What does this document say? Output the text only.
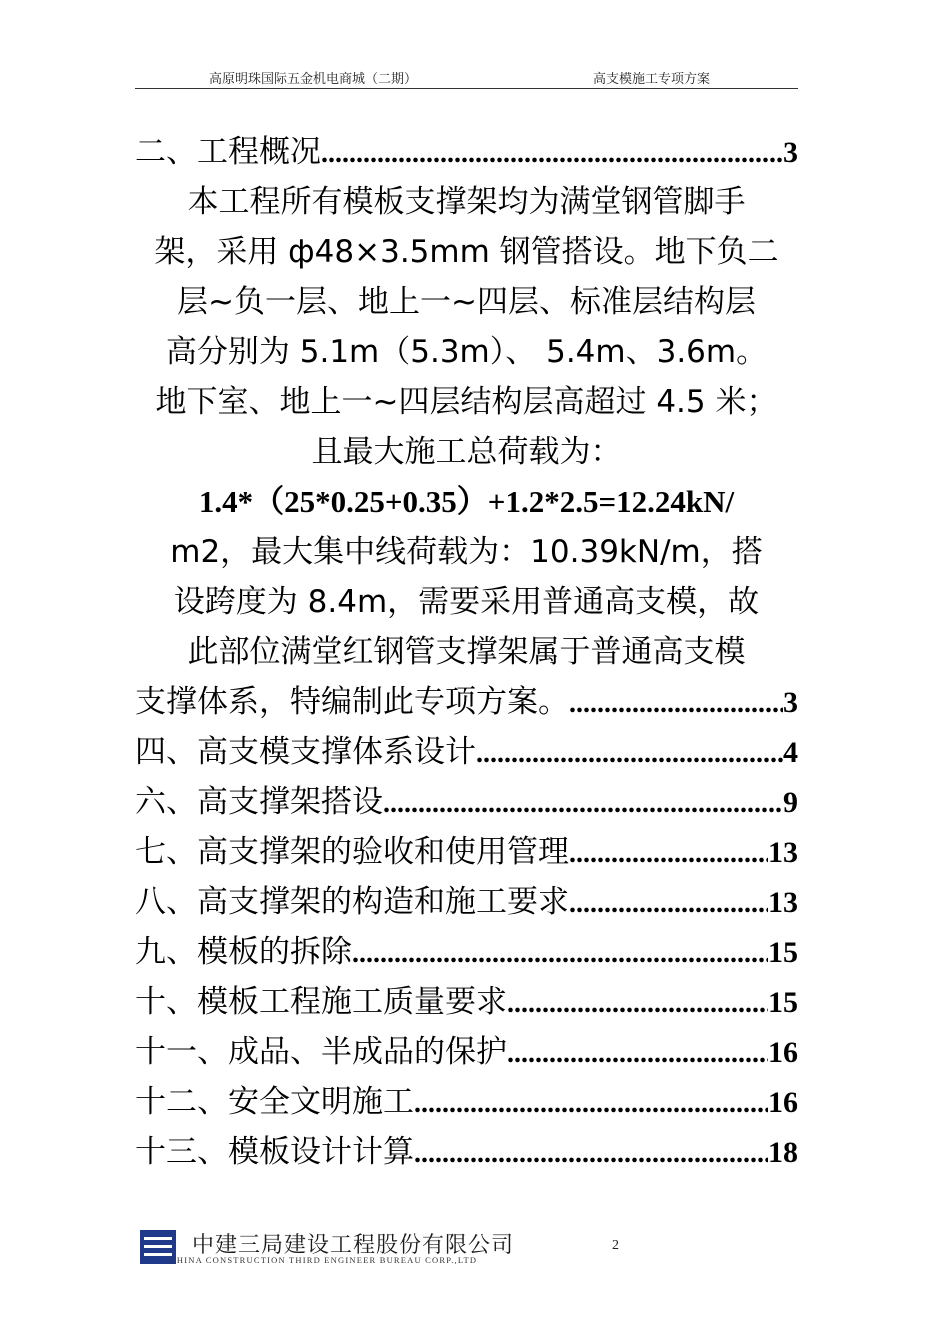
高原明珠国际五金机电商城（二期）	高支模施工专项方案
二、工程概况 .....	3
本工程所有模板支撑架均为满堂钢管脚手
架，采用 ф48×3.5mm 钢管搭设。地下负二
层~负一层、地上一~四层、标准层结构层
高分别为 5.1m（5.3m）、 5.4m、3.6m。
地下室、地上一~四层结构层高超过 4.5 米；
且最大施工总荷载为：
1.4*（25*0.25+0.35）+1.2*2.5=12.24kN/
m2，最大集中线荷载为：10.39kN/m，搭
设跨度为 8.4m，需要采用普通高支模，故
此部位满堂红钢管支撑架属于普通高支模
支撑体系，特编制此专项方案。 .....	3
四、高支模支撑体系设计 .....	4
六、高支撑架搭设 .....	9
七、高支撑架的验收和使用管理 .....	13
八、高支撑架的构造和施工要求 .....	13
九、模板的拆除 .....	15
十、模板工程施工质量要求 .....	15
十一、成品、半成品的保护 .....	16
十二、安全文明施工 .....	16
十三、模板设计计算 .....	18
中建三局建设工程股份有限公司
CHINA CONSTRUCTION THIRD ENGINEER BUREAU CORP.,LTD
2
